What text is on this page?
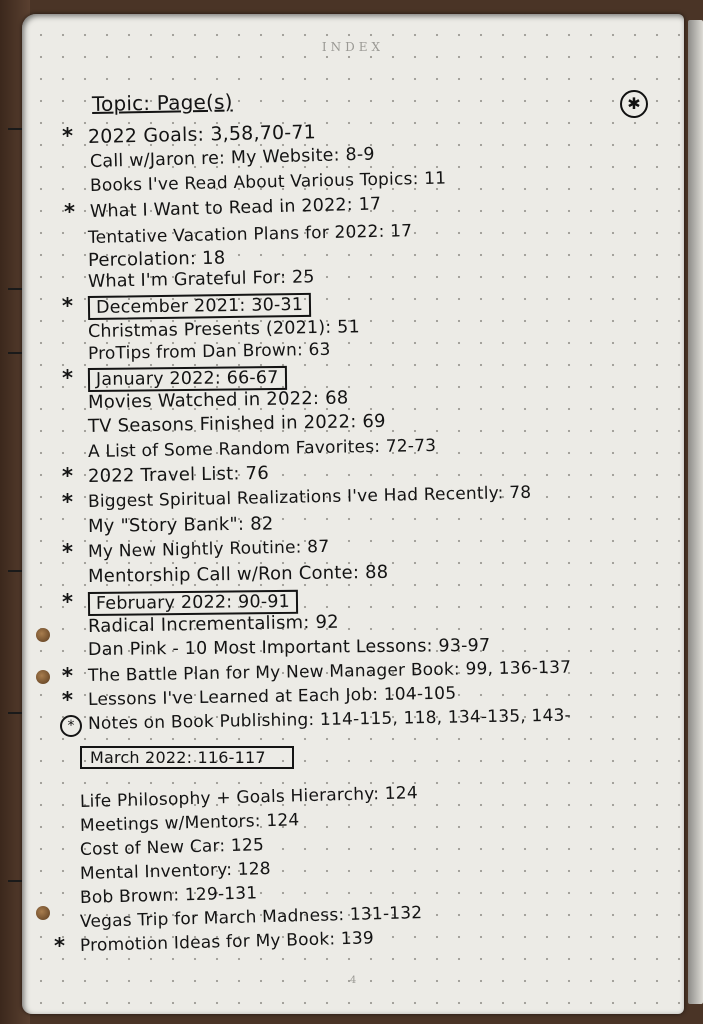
INDEX
✱
Topic: Page(s)
* 2022 Goals: 3,58,70-71
Call w/Jaron re: My Website: 8-9
Books I've Read About Various Topics: 11
* What I Want to Read in 2022: 17
Tentative Vacation Plans for 2022: 17
Percolation: 18
What I'm Grateful For: 25
*	December 2021: 30-31
Christmas Presents (2021): 51
ProTips from Dan Brown: 63
*	January 2022: 66-67
Movies Watched in 2022: 68
TV Seasons Finished in 2022: 69
A List of Some Random Favorites: 72-73
* 2022 Travel List: 76
* Biggest Spiritual Realizations I've Had Recently: 78
My "Story Bank": 82
* My New Nightly Routine: 87
Mentorship Call w/Ron Conte: 88
*	February 2022: 90-91
Radical Incrementalism: 92
Dan Pink - 10 Most Important Lessons: 93-97
* The Battle Plan for My New Manager Book: 99, 136-137
* Lessons I've Learned at Each Job: 104-105
* Notes on Book Publishing: 114-115, 118, 134-135, 143-
March 2022: 116-117
Life Philosophy + Goals Hierarchy: 124
Meetings w/Mentors: 124
Cost of New Car: 125
Mental Inventory: 128
Bob Brown: 129-131
Vegas Trip for March Madness: 131-132
* Promotion Ideas for My Book: 139
4
